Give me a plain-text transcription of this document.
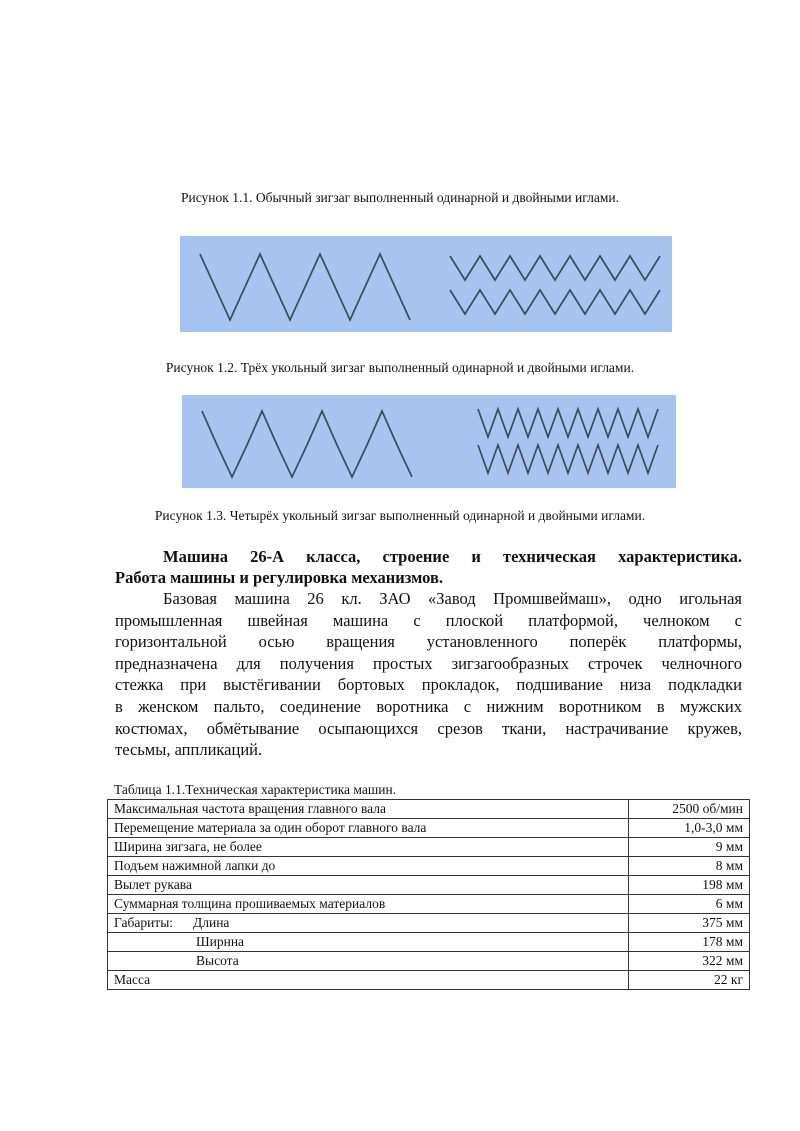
Рисунок 1.1. Обычный зигзаг выполненный одинарной и двойными иглами.
Рисунок 1.2. Трёх укольный зигзаг выполненный одинарной и двойными иглами.
Рисунок 1.3. Четырёх укольный зигзаг выполненный одинарной и двойными иглами.
Машина 26-А класса, строение и техническая характеристика.
Работа машины и регулировка механизмов.
Базовая машина 26 кл. ЗАО «Завод Промшвеймаш», одно игольная
промышленная швейная машина с плоской платформой, челноком с
горизонтальной осью вращения установленного поперёк платформы,
предназначена для получения простых зигзагообразных строчек челночного
стежка при выстёгивании бортовых прокладок, подшивание низа подкладки
в женском пальто, соединение воротника с нижним воротником в мужских
костюмах, обмётывание осыпающихся срезов ткани, настрачивание кружев,
тесьмы, аппликаций.
Таблица 1.1.Техническая характеристика машин.
Максимальная частота вращения главного вала	2500 об/мин
Перемещение материала за один оборот главного вала	1,0-3,0 мм
Ширина зигзага, не более	9 мм
Подъем нажимной лапки до	8 мм
Вылет рукава	198 мм
Суммарная толщина прошиваемых материалов	6 мм
Габариты: Длина	375 мм
Ширнна	178 мм
Высота	322 мм
Масса	22 кг
